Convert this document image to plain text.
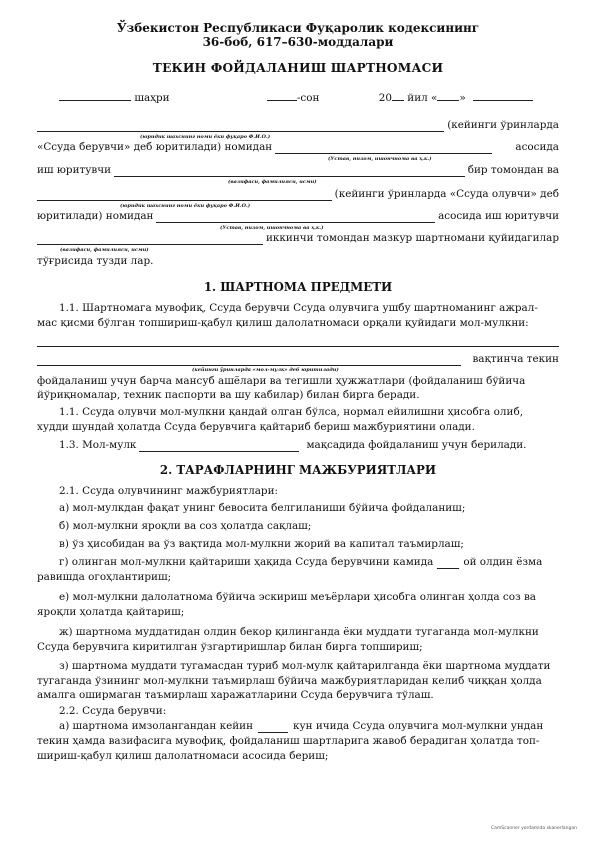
Ўзбекистон Республикаси Фуқаролик кодексининг
36-боб, 617–630-моддалари
ТЕКИН ФОЙДАЛАНИШ ШАРТНОМАСИ
шаҳри	-сон	20 йил « »
(кейинги ўринларда
(юридик шахснинг номи ёки фуқаро Ф.И.О.)
«Ссуда берувчи» деб юритилади) номидан	асосида
(Устав, низом, ишончнома ва ҳ.к.)
иш юритувчи	бир томондан ва
(вазифаси, фамилияси, исми)
(кейинги ўринларда «Ссуда олувчи» деб
(юридик шахснинг номи ёки фуқаро Ф.И.О.)
юритилади) номидан	асосида иш юритувчи
(Устав, низом, ишончнома ва ҳ.к.)
иккинчи томондан мазкур шартномани қуйидагилар
(вазифаси, фамилияси, исми)
тўғрисида тузди лар.
1. ШАРТНОМА ПРЕДМЕТИ
1.1. Шартномага мувофиқ, Ссуда берувчи Ссуда олувчига ушбу шартноманинг ажрал-
мас қисми бўлган топшириш-қабул қилиш далолатномаси орқали қуйидаги мол-мулкни:
вақтинча текин
(кейинги ўринларда «мол-мулк» деб юритилади)
фойдаланиш учун барча мансуб ашёлари ва тегишли ҳужжатлари (фойдаланиш бўйича
йўриқномалар, техник паспорти ва шу кабилар) билан бирга беради.
1.1. Ссуда олувчи мол-мулкни қандай олган бўлса, нормал ейилишни ҳисобга олиб,
худди шундай ҳолатда Ссуда берувчига қайтариб бериш мажбуриятини олади.
1.3. Мол-мулк	мақсадида фойдаланиш учун берилади.
2. ТАРАФЛАРНИНГ МАЖБУРИЯТЛАРИ
2.1. Ссуда олувчининг мажбуриятлари:
а) мол-мулкдан фақат унинг бевосита белгиланиши бўйича фойдаланиш;
б) мол-мулкни яроқли ва соз ҳолатда сақлаш;
в) ўз ҳисобидан ва ўз вақтида мол-мулкни жорий ва капитал таъмирлаш;
г) олинган мол-мулкни қайтариши ҳақида Ссуда берувчини камида	ой олдин ёзма
равишда огоҳлантириш;
е) мол-мулкни далолатнома бўйича эскириш меъёрлари ҳисобга олинган ҳолда соз ва
яроқли ҳолатда қайтариш;
ж) шартнома муддатидан олдин бекор қилинганда ёки муддати тугаганда мол-мулкни
Ссуда берувчига киритилган ўзгартиришлар билан бирга топшириш;
з) шартнома муддати тугамасдан туриб мол-мулк қайтарилганда ёки шартнома муддати
тугаганда ўзининг мол-мулкни таъмирлаш бўйича мажбуриятларидан келиб чиққан ҳолда
амалга оширмаган таъмирлаш харажатларини Ссуда берувчига тўлаш.
2.2. Ссуда берувчи:
а) шартнома имзолангандан кейин	кун ичида Ссуда олувчига мол-мулкни ундан
текин ҳамда вазифасига мувофиқ, фойдаланиш шартларига жавоб берадиган ҳолатда топ-
шириш-қабул қилиш далолатномаси асосида бериш;
CamScanner yordamida skanerlangan
